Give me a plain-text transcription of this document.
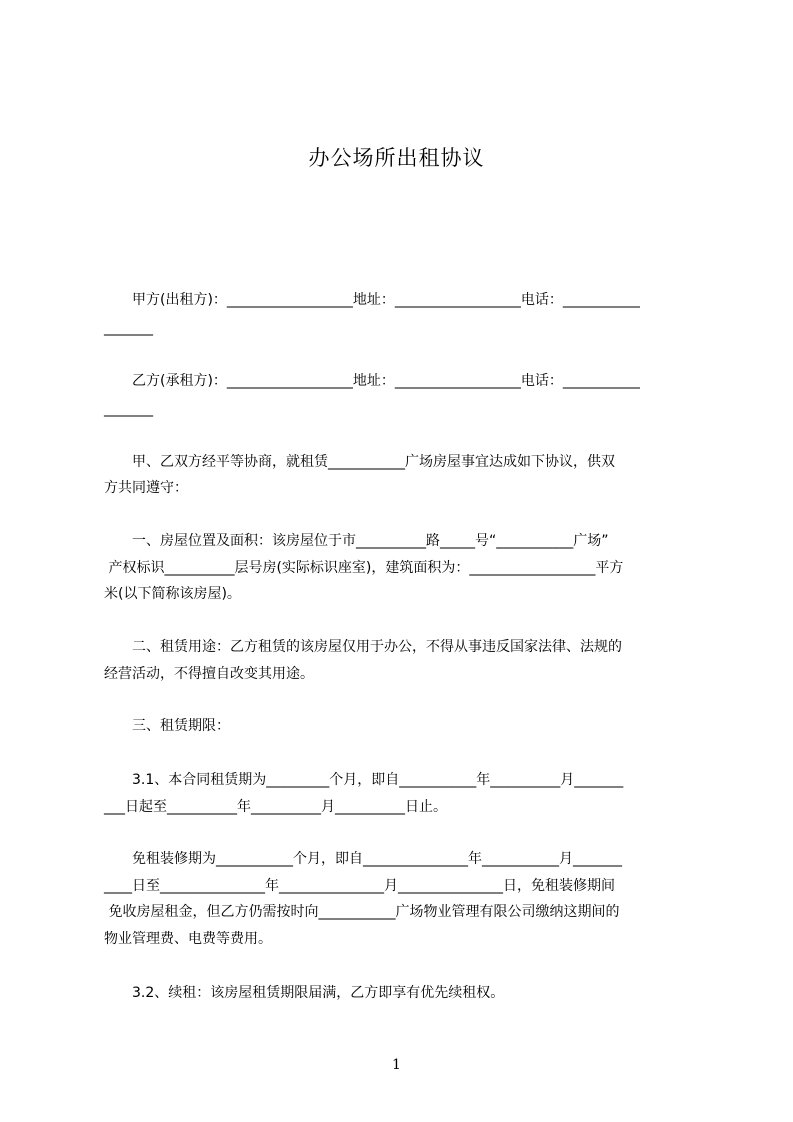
办公场所出租协议
　　甲方(出租方)：__________________地址：__________________电话：___________
_______
　　乙方(承租方)：__________________地址：__________________电话：___________
_______
　　甲、乙双方经平等协商，就租赁___________广场房屋事宜达成如下协议，供双
方共同遵守：
　　一、房屋位置及面积：该房屋位于市__________路_____号“___________广场”
产权标识__________层号房(实际标识座室)，建筑面积为：__________________平方
米(以下简称该房屋)。
　　二、租赁用途：乙方租赁的该房屋仅用于办公，不得从事违反国家法律、法规的
经营活动，不得擅自改变其用途。
　　三、租赁期限：
　　3.1、本合同租赁期为_________个月，即自___________年__________月_______
___日起至__________年__________月__________日止。
　　免租装修期为___________个月，即自_______________年___________月_______
____日至_______________年_______________月_______________日，免租装修期间
免收房屋租金，但乙方仍需按时向___________广场物业管理有限公司缴纳这期间的
物业管理费、电费等费用。
　　3.2、续租：该房屋租赁期限届满，乙方即享有优先续租权。
1
